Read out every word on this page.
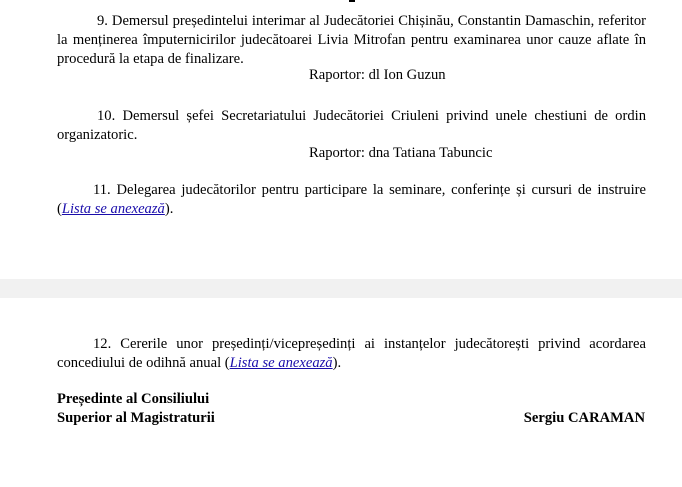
9. Demersul președintelui interimar al Judecătoriei Chișinău, Constantin Damaschin, referitor la menținerea împuternicirilor judecătoarei Livia Mitrofan pentru examinarea unor cauze aflate în procedură la etapa de finalizare.
Raportor: dl Ion Guzun
10. Demersul șefei Secretariatului Judecătoriei Criuleni privind unele chestiuni de ordin organizatoric.
Raportor: dna Tatiana Tabuncic
11. Delegarea judecătorilor pentru participare la seminare, conferințe și cursuri de instruire (Lista se anexează).
12. Cererile unor președinți/vicepreședinți ai instanțelor judecătorești privind acordarea concediului de odihnă anual (Lista se anexează).
Președinte al Consiliului
Superior al Magistraturii	Sergiu CARAMAN
